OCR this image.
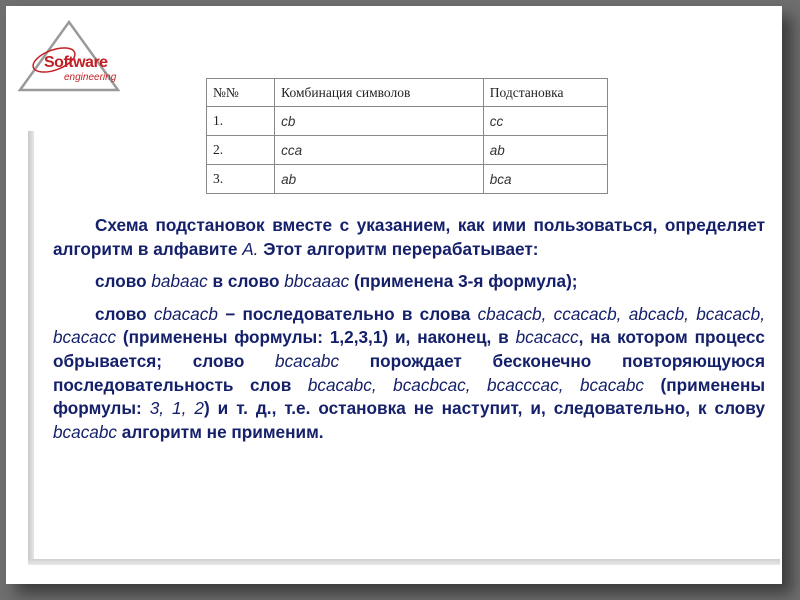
Software
engineering
№№	Комбинация символов	Подстановка
1.	cb	cc
2.	cca	ab
3.	ab	bca

Схема подстановок вместе с указанием, как ими пользоваться, определяет алгоритм в алфавите А. Этот алгоритм перерабатывает:

слово babaac в слово bbcaaac (применена 3-я формула);

слово cbacacb − последовательно в слова cbacacb, ccacacb, abcacb, bcacacb, bcacacc (применены формулы: 1,2,3,1) и, наконец, в bcacacc, на котором процесс обрывается; слово bcacabc порождает бесконечно повторяющуюся последовательность слов bcacabc, bcacbcac, bcacccac, bcacabc (применены формулы: 3, 1, 2) и т. д., т.е. остановка не наступит, и, следовательно, к слову bcacabc алгоритм не применим.
